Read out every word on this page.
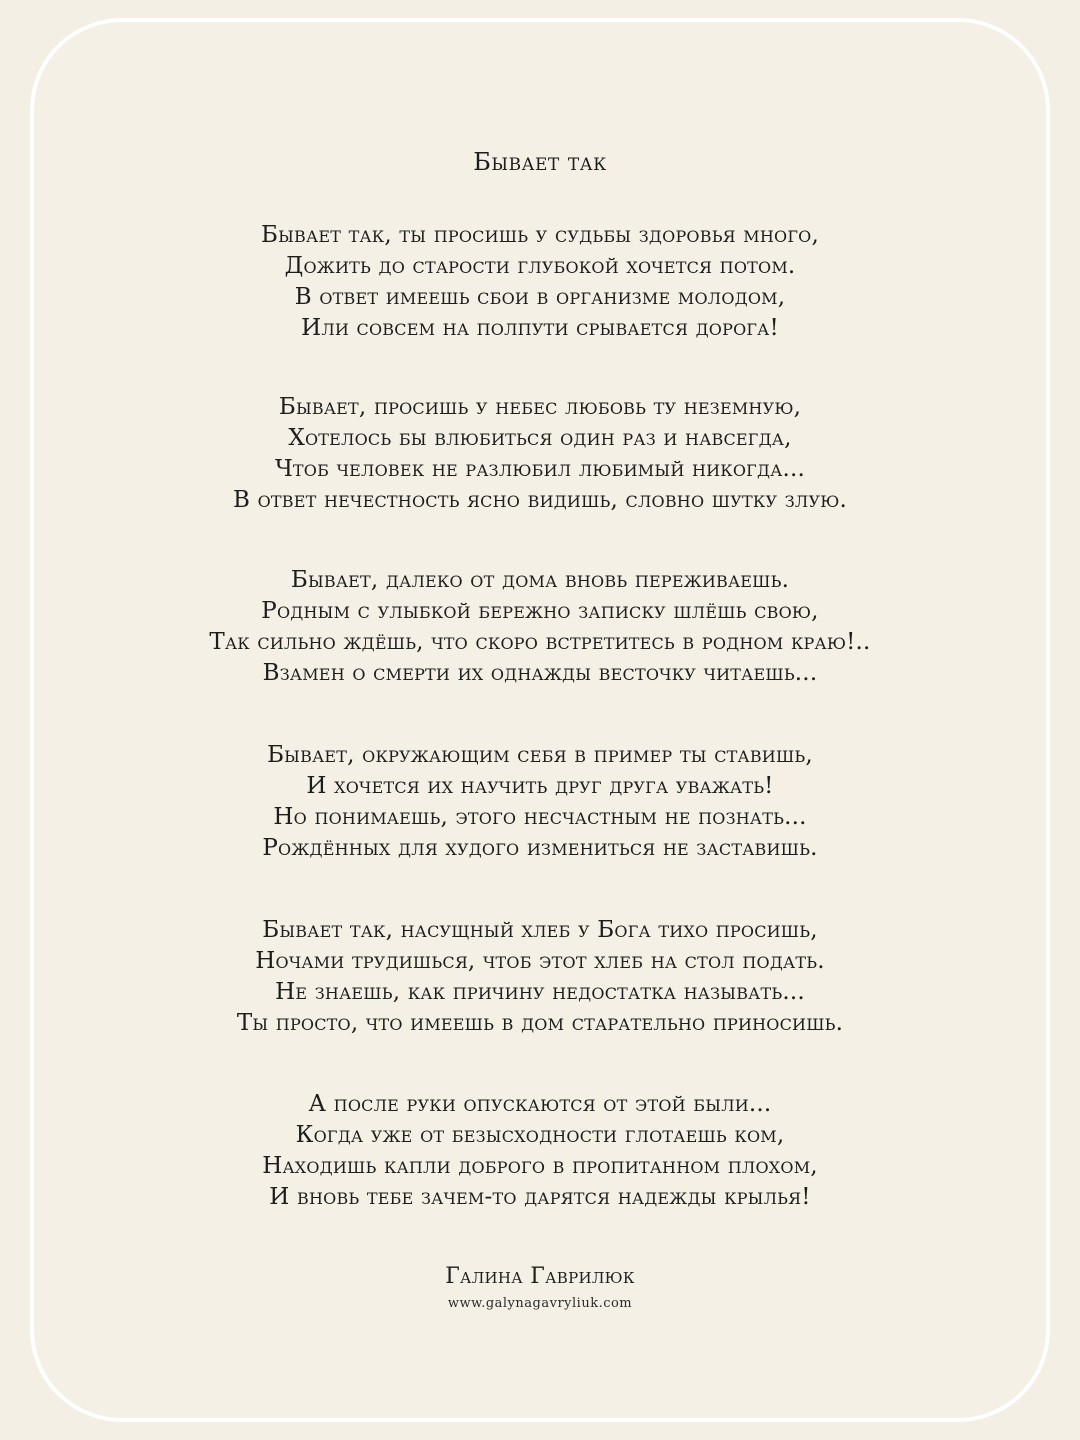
Бывает так
Бывает так, ты просишь у судьбы здоровья много,
Дожить до старости глубокой хочется потом.
В ответ имеешь сбои в организме молодом,
Или совсем на полпути срывается дорога!
Бывает, просишь у небес любовь ту неземную,
Хотелось бы влюбиться один раз и навсегда,
Чтоб человек не разлюбил любимый никогда...
В ответ нечестность ясно видишь, словно шутку злую.
Бывает, далеко от дома вновь переживаешь.
Родным с улыбкой бережно записку шлёшь свою,
Так сильно ждёшь, что скоро встретитесь в родном краю!..
Взамен о смерти их однажды весточку читаешь...
Бывает, окружающим себя в пример ты ставишь,
И хочется их научить друг друга уважать!
Но понимаешь, этого несчастным не познать...
Рождённых для худого измениться не заставишь.
Бывает так, насущный хлеб у Бога тихо просишь,
Ночами трудишься, чтоб этот хлеб на стол подать.
Не знаешь, как причину недостатка называть...
Ты просто, что имеешь в дом старательно приносишь.
А после руки опускаются от этой были...
Когда уже от безысходности глотаешь ком,
Находишь капли доброго в пропитанном плохом,
И вновь тебе зачем-то дарятся надежды крылья!
Галина Гаврилюк
www.galynagavryliuk.com
